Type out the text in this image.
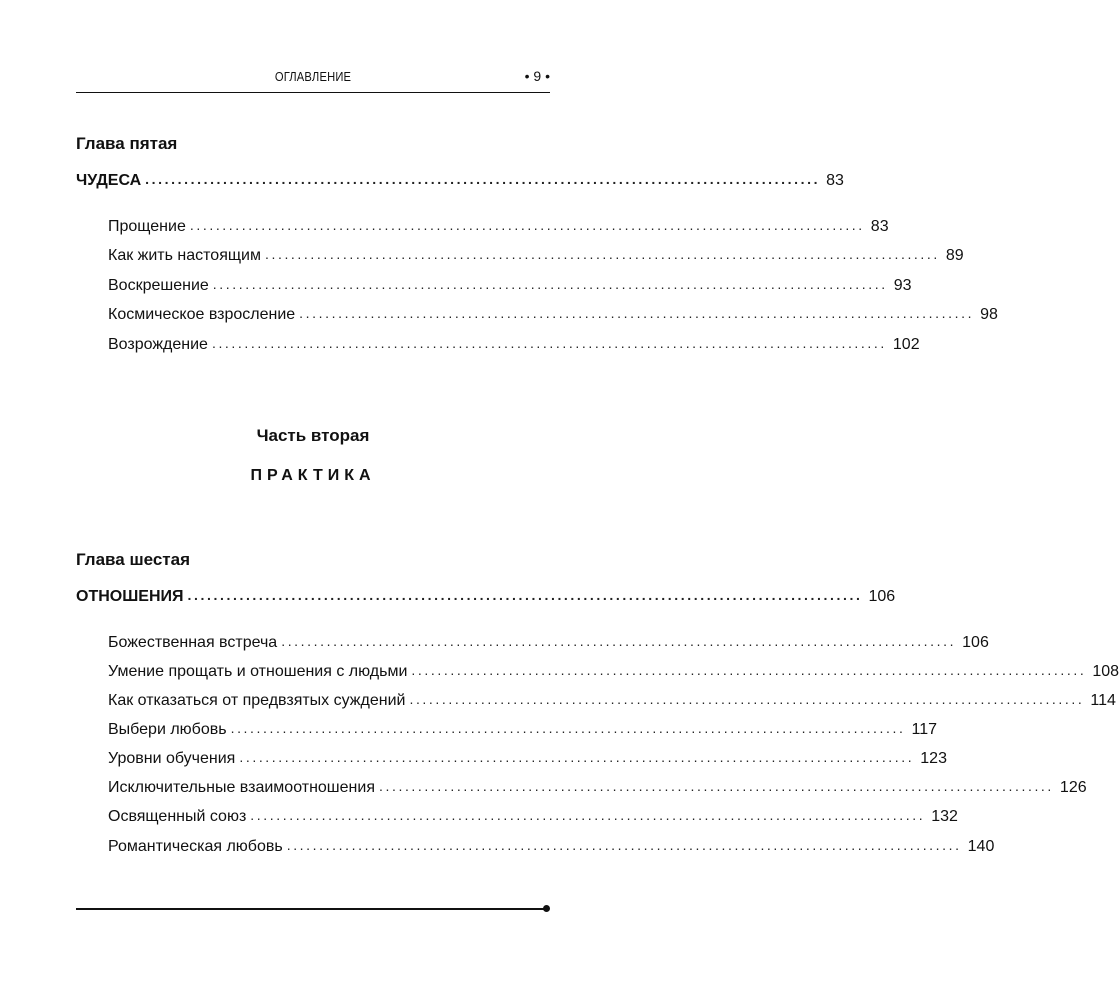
ОГЛАВЛЕНИЕ	• 9 •
Глава пятая
ЧУДЕСА ........................................................................................................ 83
Прощение ........................................................................................................ 83
Как жить настоящим ........................................................................................................ 89
Воскрешение ........................................................................................................ 93
Космическое взросление ........................................................................................................ 98
Возрождение ........................................................................................................ 102
Часть вторая
ПРАКТИКА
Глава шестая
ОТНОШЕНИЯ ........................................................................................................ 106
Божественная встреча ........................................................................................................ 106
Умение прощать и отношения с людьми ........................................................................................................ 108
Как отказаться от предвзятых суждений ........................................................................................................ 114
Выбери любовь ........................................................................................................ 117
Уровни обучения ........................................................................................................ 123
Исключительные взаимоотношения ........................................................................................................ 126
Освященный союз ........................................................................................................ 132
Романтическая любовь ........................................................................................................ 140
